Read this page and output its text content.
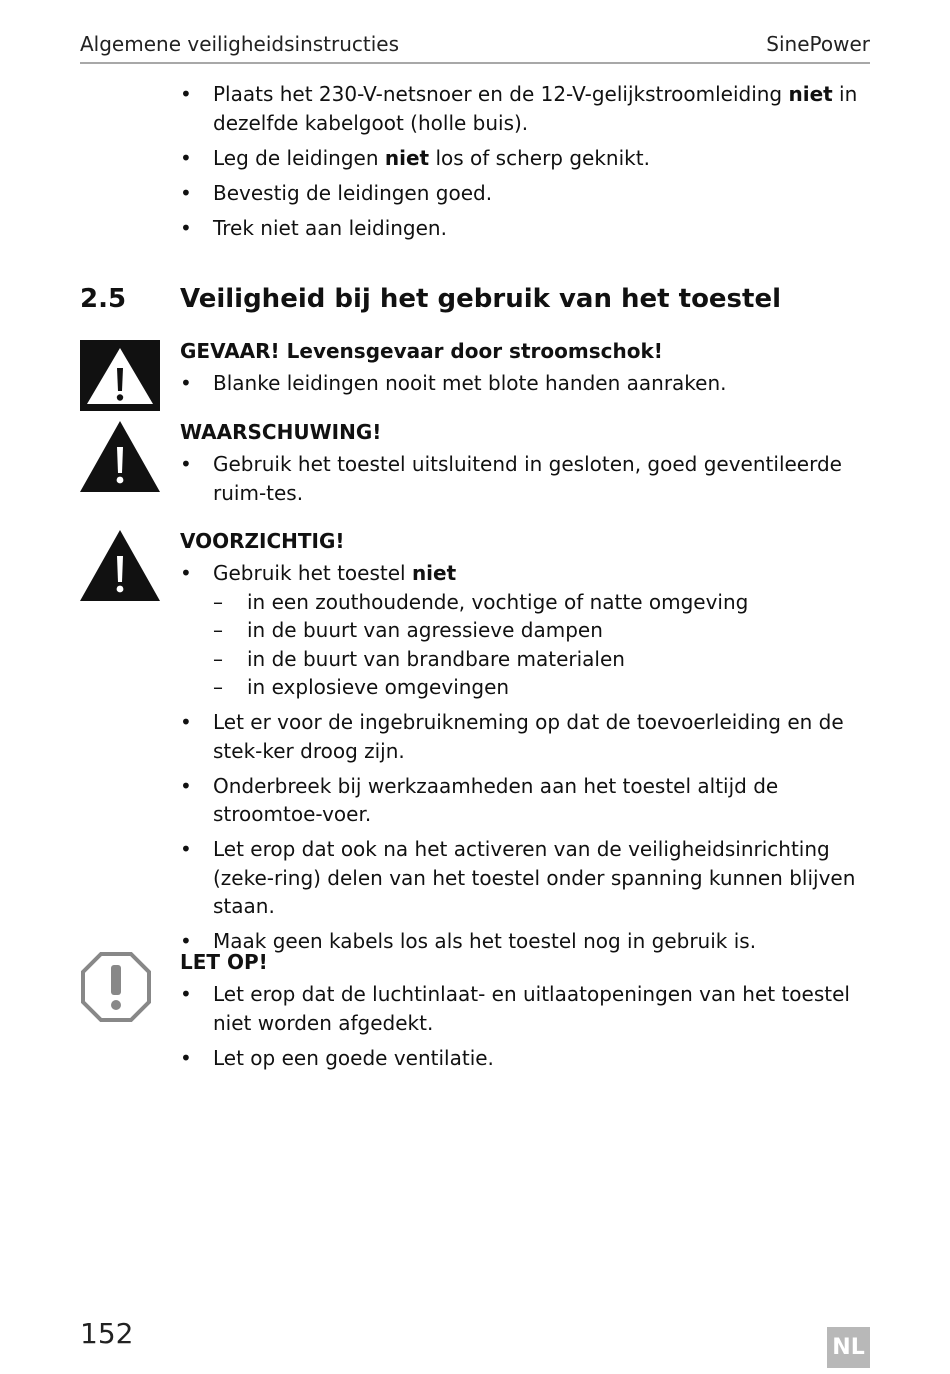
Algemene veiligheidsinstructies	SinePower
• Plaats het 230-V-netsnoer en de 12-V-gelijkstroomleiding niet in dezelfde kabelgoot (holle buis).
• Leg de leidingen niet los of scherp geknikt.
• Bevestig de leidingen goed.
• Trek niet aan leidingen.
2.5 Veiligheid bij het gebruik van het toestel
GEVAAR! Levensgevaar door stroomschok!
• Blanke leidingen nooit met blote handen aanraken.
WAARSCHUWING!
• Gebruik het toestel uitsluitend in gesloten, goed geventileerde ruim-tes.
VOORZICHTIG!
• Gebruik het toestel niet
– in een zouthoudende, vochtige of natte omgeving
– in de buurt van agressieve dampen
– in de buurt van brandbare materialen
– in explosieve omgevingen
• Let er voor de ingebruikneming op dat de toevoerleiding en de stek-ker droog zijn.
• Onderbreek bij werkzaamheden aan het toestel altijd de stroomtoe-voer.
• Let erop dat ook na het activeren van de veiligheidsinrichting (zeke-ring) delen van het toestel onder spanning kunnen blijven staan.
• Maak geen kabels los als het toestel nog in gebruik is.
LET OP!
• Let erop dat de luchtinlaat- en uitlaatopeningen van het toestel niet worden afgedekt.
• Let op een goede ventilatie.
152	NL
